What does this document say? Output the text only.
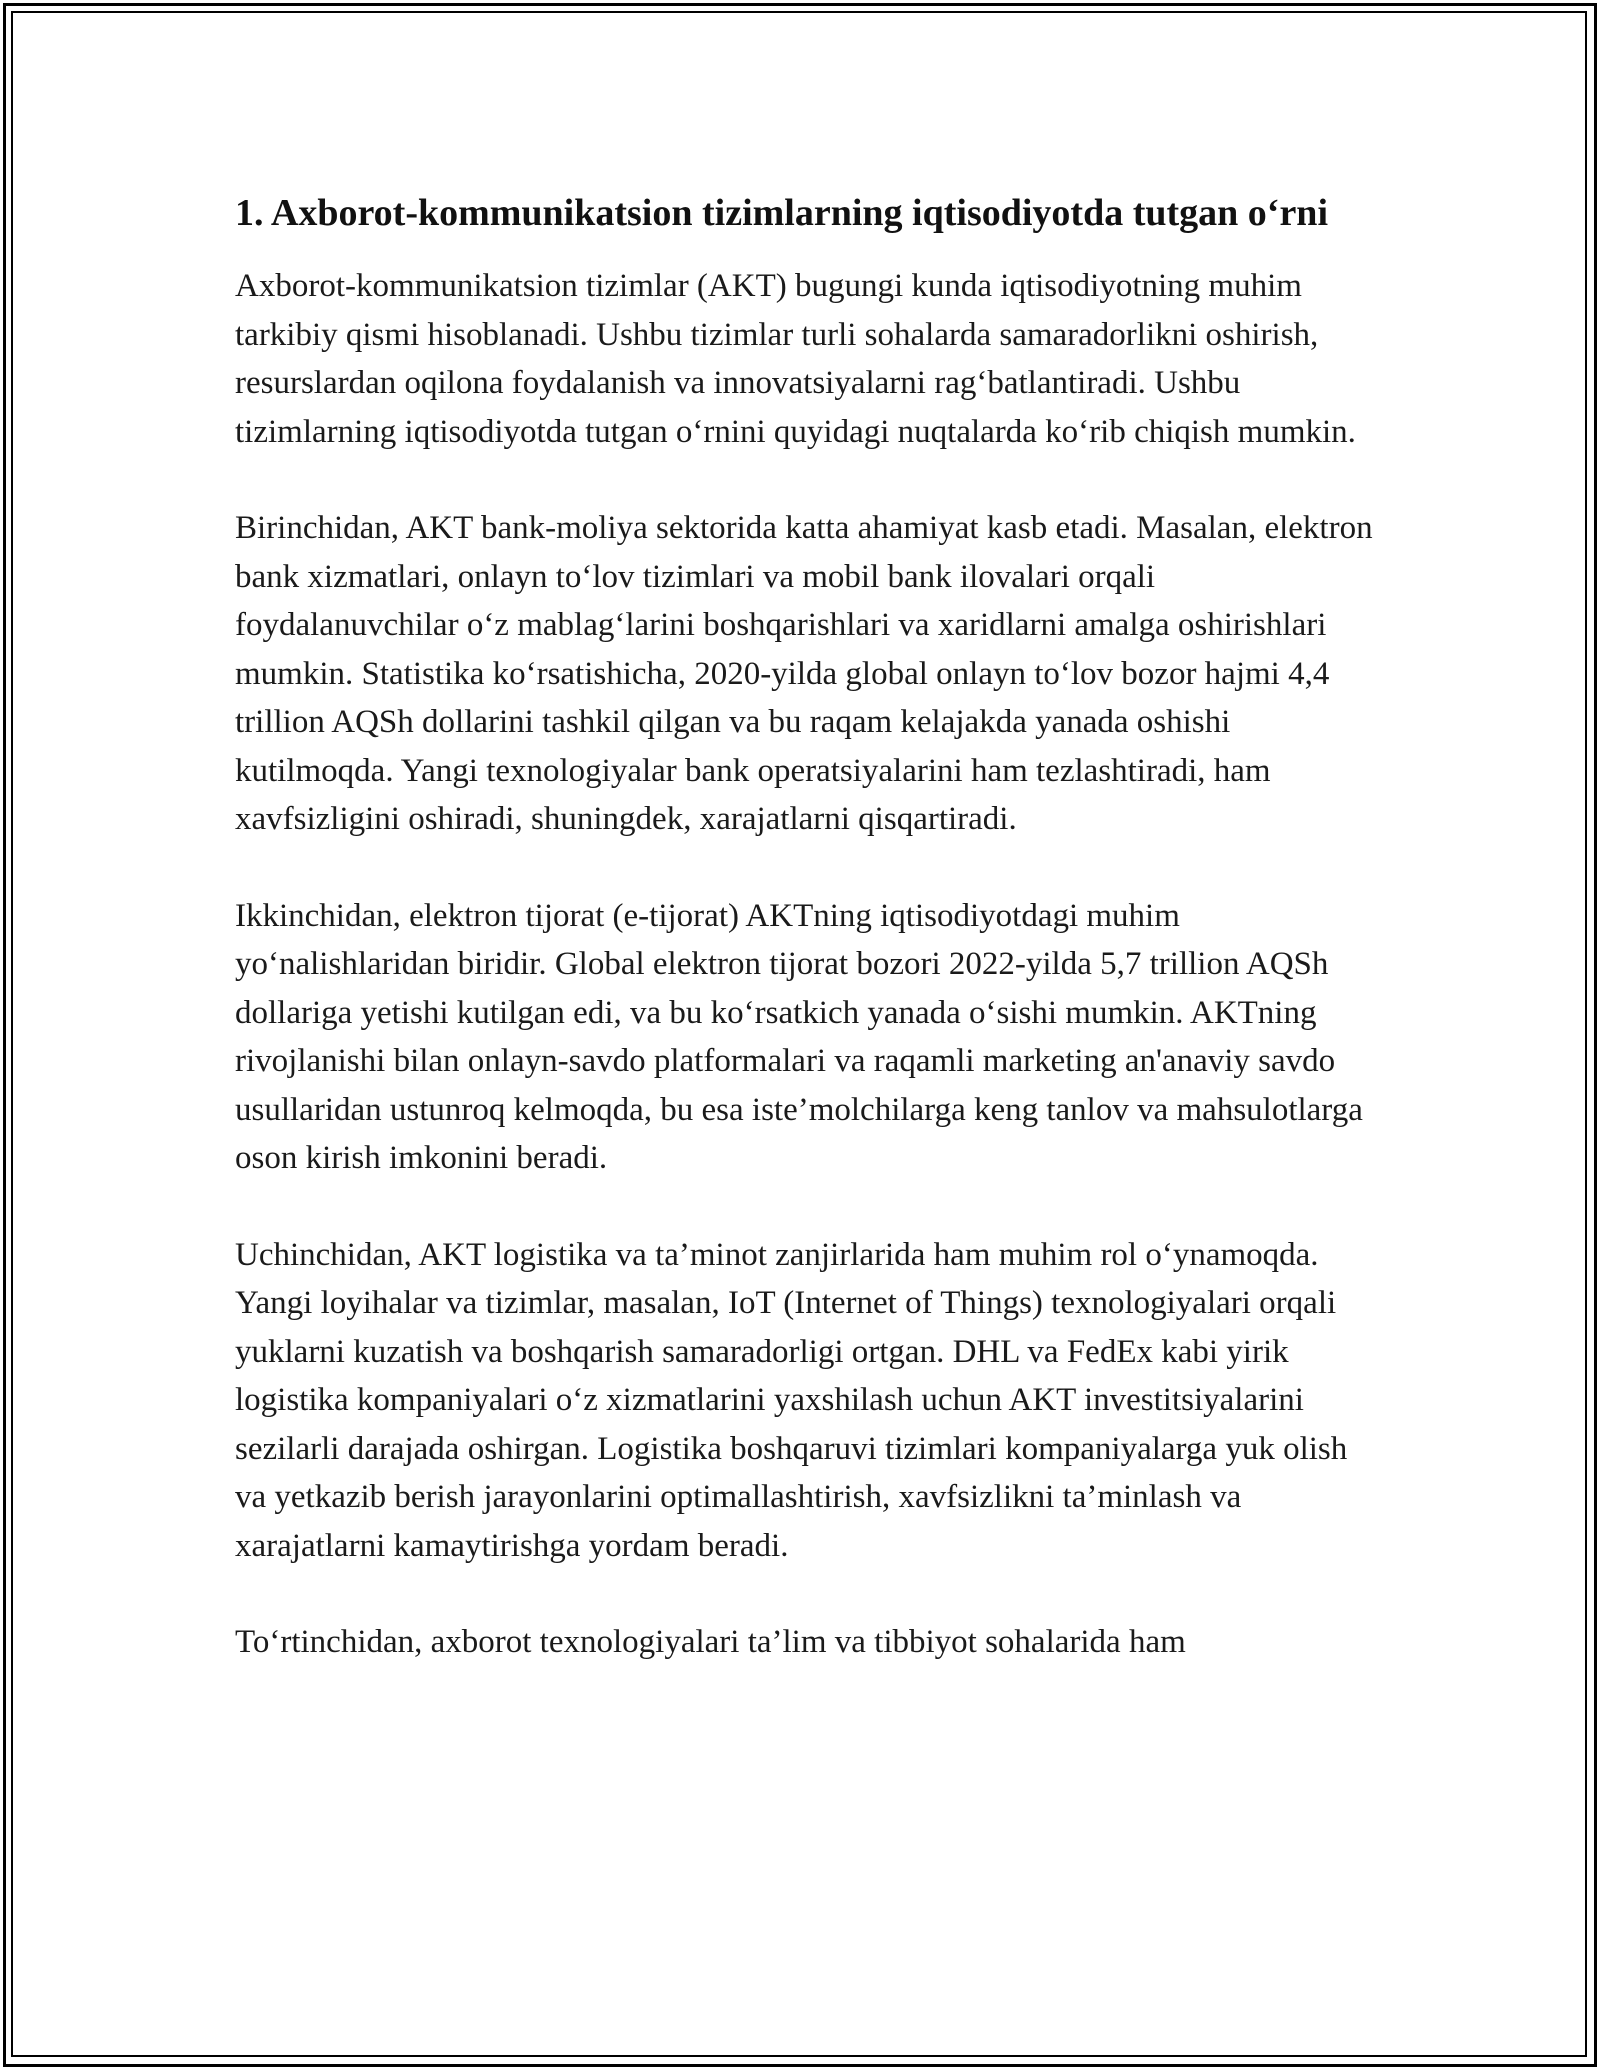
1. Axborot-kommunikatsion tizimlarning iqtisodiyotda tutgan o‘rni

Axborot-kommunikatsion tizimlar (AKT) bugungi kunda iqtisodiyotning muhim tarkibiy qismi hisoblanadi. Ushbu tizimlar turli sohalarda samaradorlikni oshirish, resurslardan oqilona foydalanish va innovatsiyalarni rag‘batlantiradi. Ushbu tizimlarning iqtisodiyotda tutgan o‘rnini quyidagi nuqtalarda ko‘rib chiqish mumkin.

Birinchidan, AKT bank-moliya sektorida katta ahamiyat kasb etadi. Masalan, elektron bank xizmatlari, onlayn to‘lov tizimlari va mobil bank ilovalari orqali foydalanuvchilar o‘z mablag‘larini boshqarishlari va xaridlarni amalga oshirishlari mumkin. Statistika ko‘rsatishicha, 2020-yilda global onlayn to‘lov bozor hajmi 4,4 trillion AQSh dollarini tashkil qilgan va bu raqam kelajakda yanada oshishi kutilmoqda. Yangi texnologiyalar bank operatsiyalarini ham tezlashtiradi, ham xavfsizligini oshiradi, shuningdek, xarajatlarni qisqartiradi.

Ikkinchidan, elektron tijorat (e-tijorat) AKTning iqtisodiyotdagi muhim yo‘nalishlaridan biridir. Global elektron tijorat bozori 2022-yilda 5,7 trillion AQSh dollariga yetishi kutilgan edi, va bu ko‘rsatkich yanada o‘sishi mumkin. AKTning rivojlanishi bilan onlayn-savdo platformalari va raqamli marketing an'anaviy savdo usullaridan ustunroq kelmoqda, bu esa iste’molchilarga keng tanlov va mahsulotlarga oson kirish imkonini beradi.

Uchinchidan, AKT logistika va ta’minot zanjirlarida ham muhim rol o‘ynamoqda. Yangi loyihalar va tizimlar, masalan, IoT (Internet of Things) texnologiyalari orqali yuklarni kuzatish va boshqarish samaradorligi ortgan. DHL va FedEx kabi yirik logistika kompaniyalari o‘z xizmatlarini yaxshilash uchun AKT investitsiyalarini sezilarli darajada oshirgan. Logistika boshqaruvi tizimlari kompaniyalarga yuk olish va yetkazib berish jarayonlarini optimallashtirish, xavfsizlikni ta’minlash va xarajatlarni kamaytirishga yordam beradi.

To‘rtinchidan, axborot texnologiyalari ta’lim va tibbiyot sohalarida ham
